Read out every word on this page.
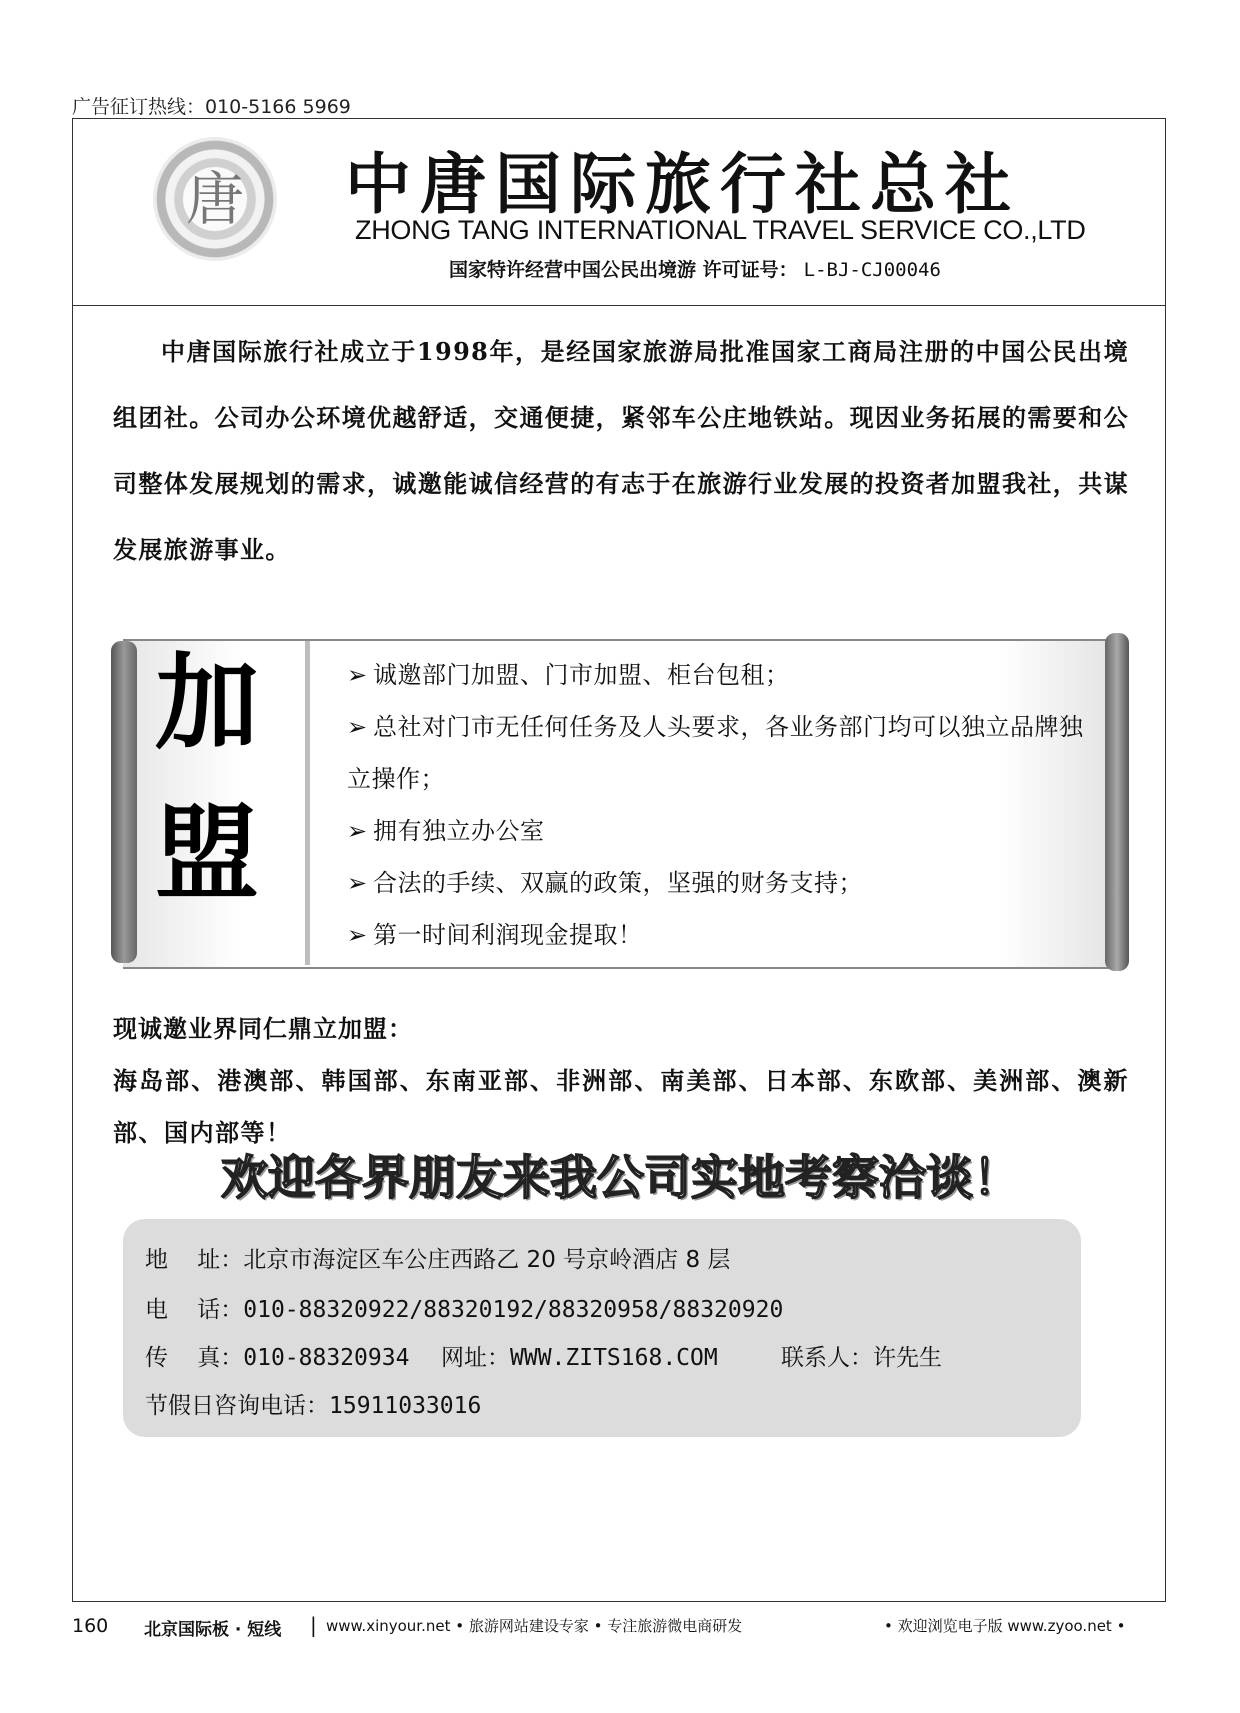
广告征订热线：010-5166 5969
唐	中唐国际旅行社总社
ZHONG TANG INTERNATIONAL TRAVEL SERVICE CO.,LTD
国家特许经营中国公民出境游 许可证号： L-BJ-CJ00046

中唐国际旅行社成立于1998年，是经国家旅游局批准国家工商局注册的中国公民出境组团社。公司办公环境优越舒适，交通便捷，紧邻车公庄地铁站。现因业务拓展的需要和公司整体发展规划的需求，诚邀能诚信经营的有志于在旅游行业发展的投资者加盟我社，共谋发展旅游事业。

加
盟
➢ 诚邀部门加盟、门市加盟、柜台包租；
➢ 总社对门市无任何任务及人头要求，各业务部门均可以独立品牌独立操作；
➢ 拥有独立办公室
➢ 合法的手续、双赢的政策，坚强的财务支持；
➢ 第一时间利润现金提取！
现诚邀业界同仁鼎立加盟：
海岛部、港澳部、韩国部、东南亚部、非洲部、南美部、日本部、东欧部、美洲部、澳新部、国内部等！
欢迎各界朋友来我公司实地考察洽谈！
地    址：北京市海淀区车公庄西路乙 20 号京岭酒店 8 层
电    话：010-88320922/88320192/88320958/88320920
传    真：010-88320934 网址：WWW.ZITS168.COM	联系人：许先生
节假日咨询电话：15911033016
160 北京国际板 · 短线 | www.xinyour.net • 旅游网站建设专家 • 专注旅游微电商研发	• 欢迎浏览电子版 www.zyoo.net •
